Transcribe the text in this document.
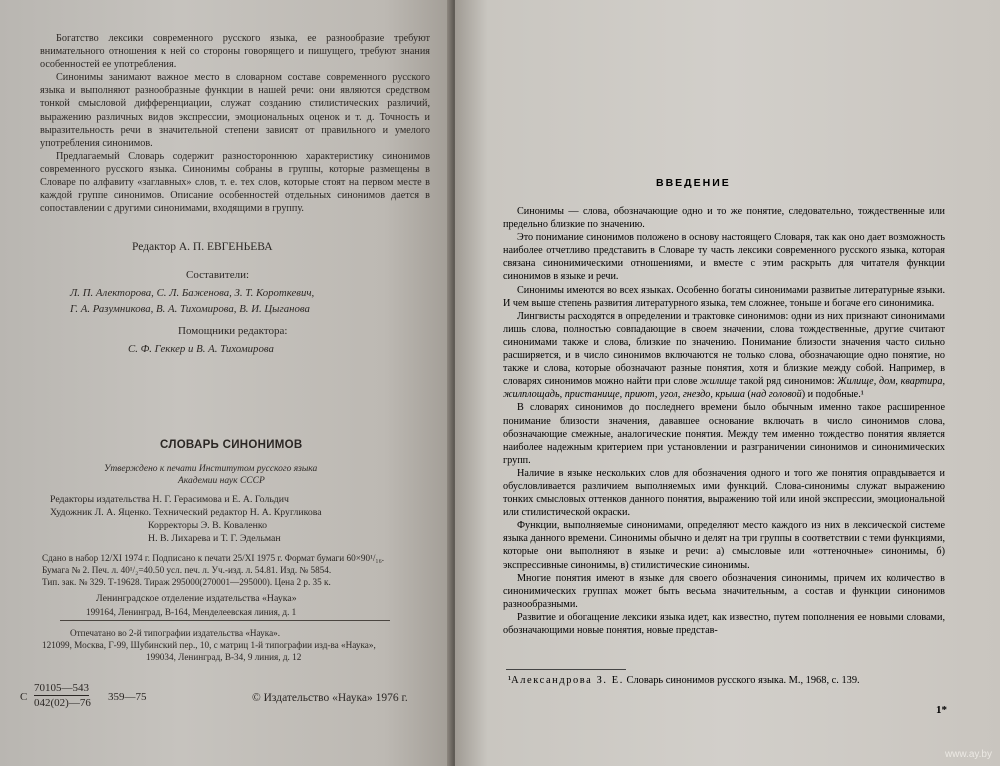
Богатство лексики современного русского языка, ее разнообразие требуют внимательного отношения к ней со стороны говорящего и пишущего, требуют знания особенностей ее употребления.

Синонимы занимают важное место в словарном составе современного русского языка и выполняют разнообразные функции в нашей речи: они являются средством тонкой смысловой дифференциации, служат созданию стилистических различий, выражению различных видов экспрессии, эмоциональных оценок и т. д. Точность и выразительность речи в значительной степени зависят от правильного и умелого употребления синонимов.

Предлагаемый Словарь содержит разностороннюю характеристику синонимов современного русского языка. Синонимы собраны в группы, которые размещены в Словаре по алфавиту «заглавных» слов, т. е. тех слов, которые стоят на первом месте в каждой группе синонимов. Описание особенностей отдельных синонимов дается в сопоставлении с другими синонимами, входящими в группу.

Редактор А. П. ЕВГЕНЬЕВА
Составители:
Л. П. Алекторова, С. Л. Баженова, З. Т. Короткевич,
Г. А. Разумникова, В. А. Тихомирова, В. И. Цыганова
Помощники редактора:
С. Ф. Геккер и В. А. Тихомирова
СЛОВАРЬ СИНОНИМОВ
Утверждено к печати Институтом русского языка
Академии наук СССР
Редакторы издательства Н. Г. Герасимова и Е. А. Гольдич
Художник Л. А. Яценко. Технический редактор Н. А. Кругликова
Корректоры Э. В. Коваленко
Н. В. Лихарева и Т. Г. Эдельман
Сдано в набор 12/XI 1974 г. Подписано к печати 25/XI 1975 г. Формат бумаги 60×90¹/₁₆.
Бумага № 2. Печ. л. 40¹/₂=40.50 усл. печ. л. Уч.-изд. л. 54.81. Изд. № 5854.
Тип. зак. № 329. Т-19628. Тираж 295000(270001—295000). Цена 2 р. 35 к.
Ленинградское отделение издательства «Наука»
199164, Ленинград, В-164, Менделеевская линия, д. 1
Отпечатано во 2-й типографии издательства «Наука».
121099, Москва, Г-99, Шубинский пер., 10, с матриц 1-й типографии изд-ва «Наука»,
199034, Ленинград, В-34, 9 линия, д. 12
С
70105—543
042(02)—76 359—75	© Издательство «Наука» 1976 г.
ВВЕДЕНИЕ

Синонимы — слова, обозначающие одно и то же понятие, следовательно, тождественные или предельно близкие по значению.

Это понимание синонимов положено в основу настоящего Словаря, так как оно дает возможность наиболее отчетливо представить в Словаре ту часть лексики современного русского языка, которая связана синонимическими отношениями, и вместе с этим раскрыть для читателя функции синонимов в языке и речи.

Синонимы имеются во всех языках. Особенно богаты синонимами развитые литературные языки. И чем выше степень развития литературного языка, тем сложнее, тоньше и богаче его синонимика.

Лингвисты расходятся в определении и трактовке синонимов: одни из них признают синонимами лишь слова, полностью совпадающие в своем значении, слова тождественные, другие считают синонимами также и слова, близкие по значению. Понимание близости значения часто сильно расширяется, и в число синонимов включаются не только слова, обозначающие одно понятие, но также и слова, которые обозначают разные понятия, хотя и близкие между собой. Например, в словарях синонимов можно найти при слове жилище такой ряд синонимов: Жилище, дом, квартира, жилплощадь, пристанище, приют, угол, гнездо, крыша (над головой) и подобные.¹

В словарях синонимов до последнего времени было обычным именно такое расширенное понимание близости значения, дававшее основание включать в число синонимов слова, обозначающие смежные, аналогические понятия. Между тем именно тождество понятия является наиболее надежным критерием при установлении и разграничении синонимов и синонимических групп.

Наличие в языке нескольких слов для обозначения одного и того же понятия оправдывается и обусловливается различием выполняемых ими функций. Слова-синонимы служат выражению тонких смысловых оттенков данного понятия, выражению той или иной экспрессии, эмоциональной или стилистической окраски.

Функции, выполняемые синонимами, определяют место каждого из них в лексической системе языка данного времени. Синонимы обычно и делят на три группы в соответствии с теми функциями, которые они выполняют в языке и речи: а) смысловые или «оттеночные» синонимы, б) экспрессивные синонимы, в) стилистические синонимы.

Многие понятия имеют в языке для своего обозначения синонимы, причем их количество в синонимических группах может быть весьма значительным, а состав и функции синонимов разнообразными.

Развитие и обогащение лексики языка идет, как известно, путем пополнения ее новыми словами, обозначающими новые понятия, новые представ-

¹Александрова З. Е. Словарь синонимов русского языка. М., 1968, с. 139.
1*
www.ay.by
